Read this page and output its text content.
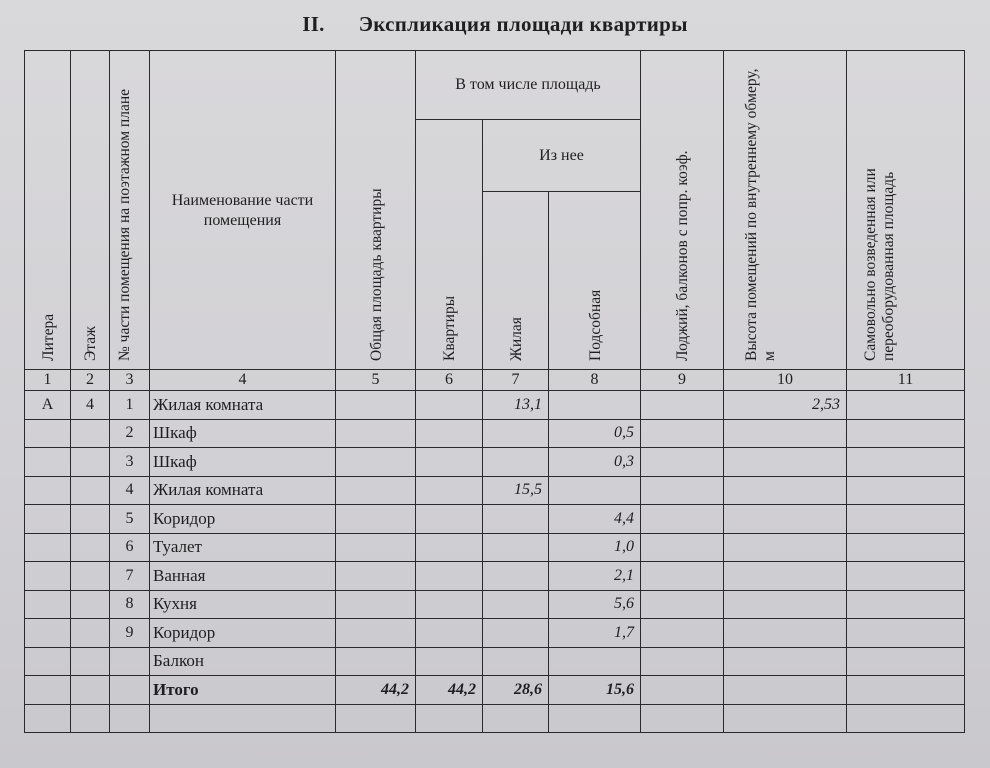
II. Экспликация площади квартиры
Литера	Этаж	№ части помещения на поэтажном плане	Наименование части помещения	Общая площадь квартиры	В том числе площадь			Лоджий, балконов с попр. коэф.	Высота помещений по внутреннему обмеру, м	Самовольно возведенная или переоборудованная площадь

					Квартиры	Из нее				

						Жилая	Подсобная			

1	2	3	4	5	6	7	8	9	10	11
А	4	1	Жилая комната			13,1			2,53	
		2	Шкаф				0,5			
		3	Шкаф				0,3			
		4	Жилая комната			15,5				
		5	Коридор				4,4			
		6	Туалет				1,0			
		7	Ванная				2,1			
		8	Кухня				5,6			
		9	Коридор				1,7			
			Балкон							
			Итого	44,2	44,2	28,6	15,6			
